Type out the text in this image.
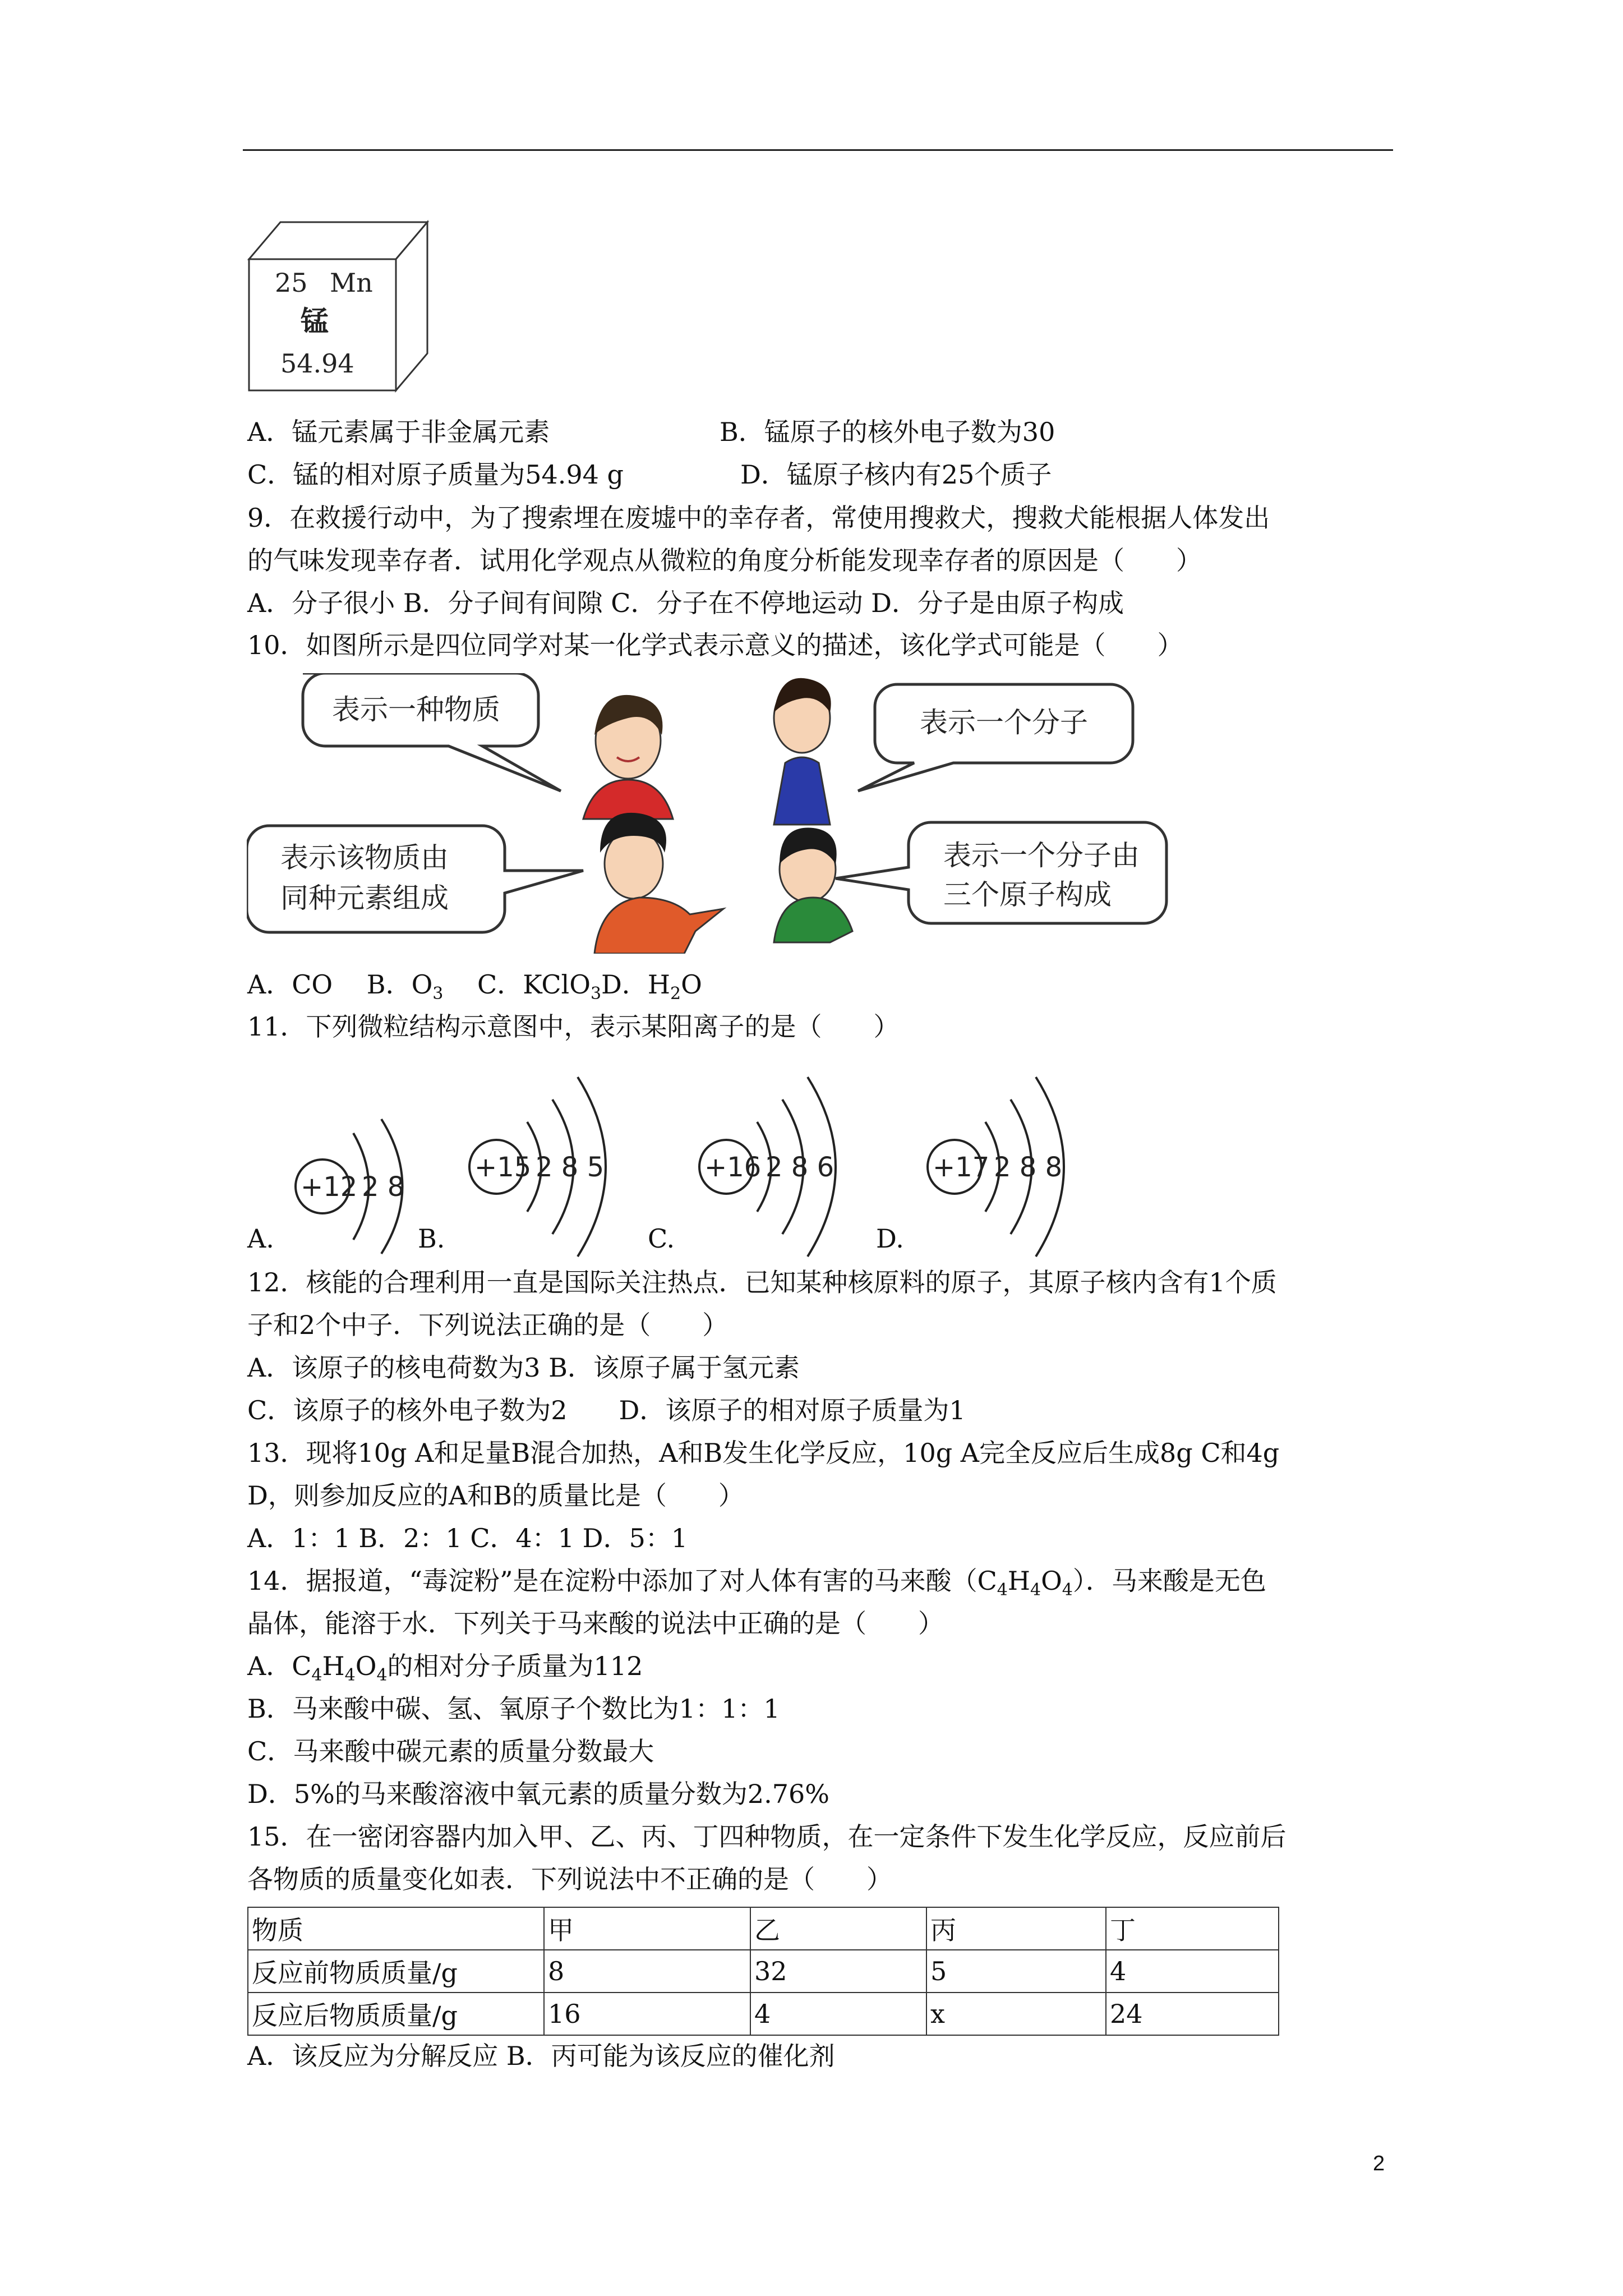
25 Mn
锰
54.94
A．锰元素属于非金属元素	B．锰原子的核外电子数为30
C．锰的相对原子质量为54.94 g	D．锰原子核内有25个质子
9．在救援行动中，为了搜索埋在废墟中的幸存者，常使用搜救犬，搜救犬能根据人体发出
的气味发现幸存者．试用化学观点从微粒的角度分析能发现幸存者的原因是（　　）
A．分子很小 B．分子间有间隙 C．分子在不停地运动 D．分子是由原子构成
10．如图所示是四位同学对某一化学式表示意义的描述，该化学式可能是（　　）
表示一种物质	表示一个分子
表示该物质由
同种元素组成
表示一个分子由
三个原子构成
A．CO　 B．$O_3$　 C．KClO$_3$D．$H_2O$
11．下列微粒结构示意图中，表示某阳离子的是（　　）
+12 2 8
+15 2 8 5	+16 2 8 6	+17 2 8 8
A.	B.	C.	D.
12．核能的合理利用一直是国际关注热点．已知某种核原料的原子，其原子核内含有1个质
子和2个中子．下列说法正确的是（　　）
A．该原子的核电荷数为3 B．该原子属于氢元素
C．该原子的核外电子数为2　　D．该原子的相对原子质量为1
13．现将10g A和足量B混合加热，A和B发生化学反应，10g A完全反应后生成8g C和4g
D，则参加反应的A和B的质量比是（　　）
A．1：1 B．2：1 C．4：1 D．5：1
14．据报道，“毒淀粉”是在淀粉中添加了对人体有害的马来酸$(C_4H_4O_4)$．马来酸是无色
晶体，能溶于水．下列关于马来酸的说法中正确的是（　　）
A．$C_4H_4O_4$的相对分子质量为112
B．马来酸中碳、氢、氧原子个数比为1：1：1
C．马来酸中碳元素的质量分数最大
D．5%的马来酸溶液中氧元素的质量分数为2.76%
15．在一密闭容器内加入甲、乙、丙、丁四种物质，在一定条件下发生化学反应，反应前后
各物质的质量变化如表．下列说法中不正确的是（　　）
物质	甲	乙	丙	丁
反应前物质质量/g	8	32	5	4
反应后物质质量/g	16	4	x	24
A．该反应为分解反应 B．丙可能为该反应的催化剂
2
